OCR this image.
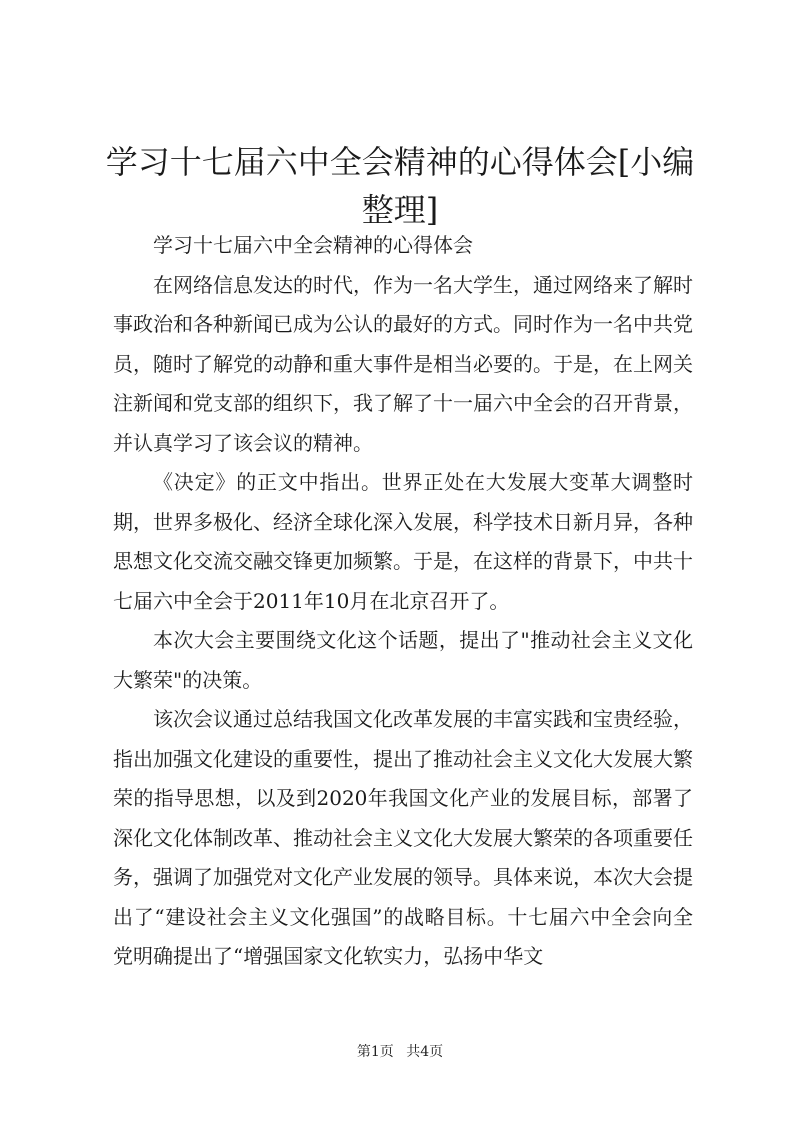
学习十七届六中全会精神的心得体会[小编整理]

学习十七届六中全会精神的心得体会

在网络信息发达的时代，作为一名大学生，通过网络来了解时事政治和各种新闻已成为公认的最好的方式。同时作为一名中共党员，随时了解党的动静和重大事件是相当必要的。于是，在上网关注新闻和党支部的组织下，我了解了十一届六中全会的召开背景，并认真学习了该会议的精神。

《决定》的正文中指出。世界正处在大发展大变革大调整时期，世界多极化、经济全球化深入发展，科学技术日新月异，各种思想文化交流交融交锋更加频繁。于是，在这样的背景下，中共十七届六中全会于2011年10月在北京召开了。

本次大会主要围绕文化这个话题，提出了"推动社会主义文化大繁荣"的决策。

该次会议通过总结我国文化改革发展的丰富实践和宝贵经验，指出加强文化建设的重要性，提出了推动社会主义文化大发展大繁荣的指导思想，以及到2020年我国文化产业的发展目标，部署了深化文化体制改革、推动社会主义文化大发展大繁荣的各项重要任务，强调了加强党对文化产业发展的领导。具体来说，本次大会提出了“建设社会主义文化强国”的战略目标。十七届六中全会向全党明确提出了“增强国家文化软实力，弘扬中华文

第1页 共4页
